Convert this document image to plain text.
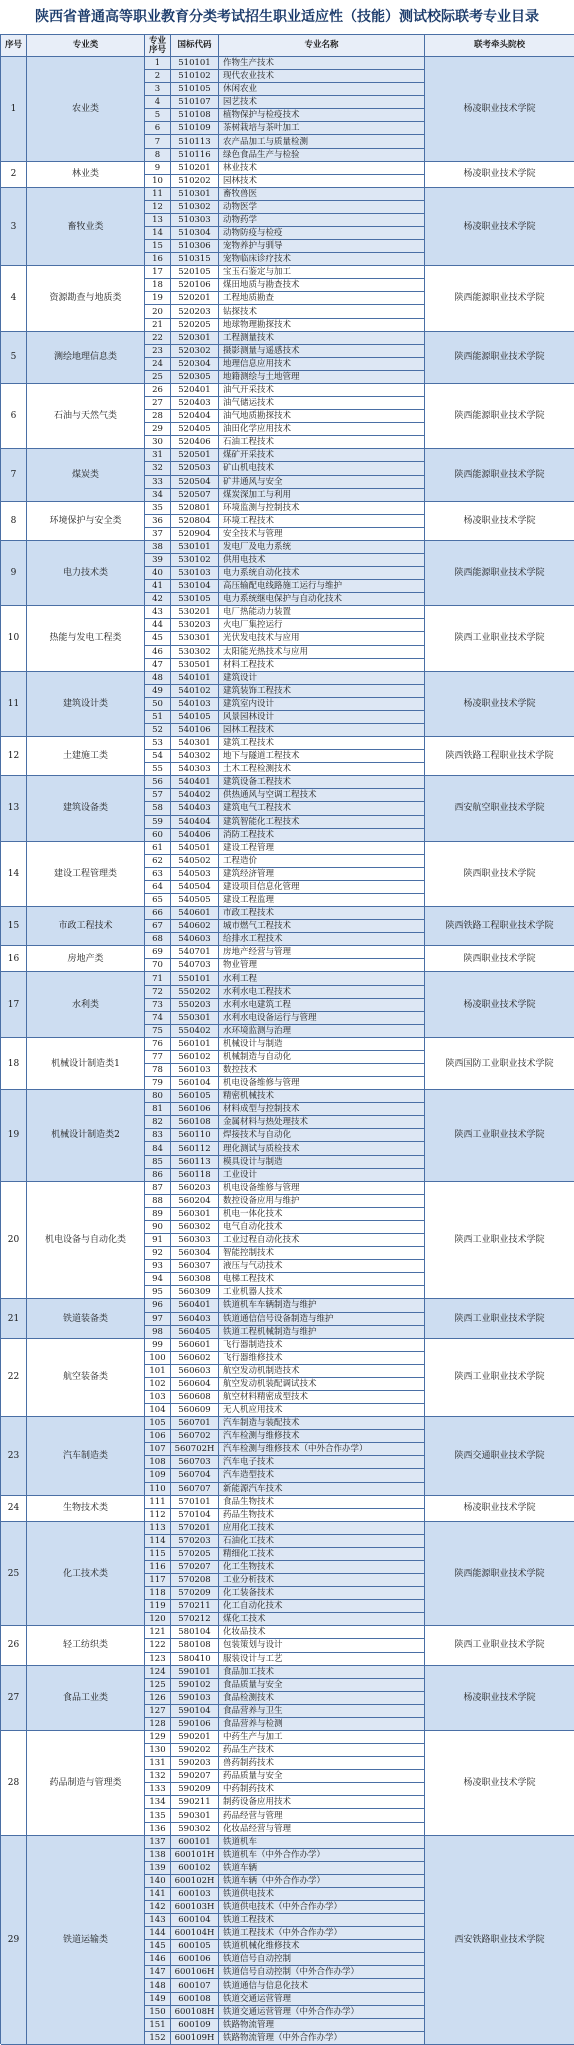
陕西省普通高等职业教育分类考试招生职业适应性（技能）测试校际联考专业目录
序号	专业类	专业序号	国标代码	专业名称	联考牵头院校
1	农业类	杨凌职业技术学院
1	510101	作物生产技术
2	510102	现代农业技术
3	510105	休闲农业
4	510107	园艺技术
5	510108	植物保护与检疫技术
6	510109	茶树栽培与茶叶加工
7	510113	农产品加工与质量检测
8	510116	绿色食品生产与检验
2	林业类	杨凌职业技术学院
9	510201	林业技术
10	510202	园林技术
3	畜牧业类	杨凌职业技术学院
11	510301	畜牧兽医
12	510302	动物医学
13	510303	动物药学
14	510304	动物防疫与检疫
15	510306	宠物养护与驯导
16	510315	宠物临床诊疗技术
4	资源勘查与地质类	陕西能源职业技术学院
17	520105	宝玉石鉴定与加工
18	520106	煤田地质与勘查技术
19	520201	工程地质勘查
20	520203	钻探技术
21	520205	地球物理勘探技术
5	测绘地理信息类	陕西能源职业技术学院
22	520301	工程测量技术
23	520302	摄影测量与遥感技术
24	520304	地理信息应用技术
25	520305	地籍测绘与土地管理
6	石油与天然气类	陕西能源职业技术学院
26	520401	油气开采技术
27	520403	油气储运技术
28	520404	油气地质勘探技术
29	520405	油田化学应用技术
30	520406	石油工程技术
7	煤炭类	陕西能源职业技术学院
31	520501	煤矿开采技术
32	520503	矿山机电技术
33	520504	矿井通风与安全
34	520507	煤炭深加工与利用
8	环境保护与安全类	杨凌职业技术学院
35	520801	环境监测与控制技术
36	520804	环境工程技术
37	520904	安全技术与管理
9	电力技术类	陕西能源职业技术学院
38	530101	发电厂及电力系统
39	530102	供用电技术
40	530103	电力系统自动化技术
41	530104	高压输配电线路施工运行与维护
42	530105	电力系统继电保护与自动化技术
10	热能与发电工程类	陕西工业职业技术学院
43	530201	电厂热能动力装置
44	530203	火电厂集控运行
45	530301	光伏发电技术与应用
46	530302	太阳能光热技术与应用
47	530501	材料工程技术
11	建筑设计类	杨凌职业技术学院
48	540101	建筑设计
49	540102	建筑装饰工程技术
50	540103	建筑室内设计
51	540105	风景园林设计
52	540106	园林工程技术
12	土建施工类	陕西铁路工程职业技术学院
53	540301	建筑工程技术
54	540302	地下与隧道工程技术
55	540303	土木工程检测技术
13	建筑设备类	西安航空职业技术学院
56	540401	建筑设备工程技术
57	540402	供热通风与空调工程技术
58	540403	建筑电气工程技术
59	540404	建筑智能化工程技术
60	540406	消防工程技术
14	建设工程管理类	陕西职业技术学院
61	540501	建设工程管理
62	540502	工程造价
63	540503	建筑经济管理
64	540504	建设项目信息化管理
65	540505	建设工程监理
15	市政工程技术	陕西铁路工程职业技术学院
66	540601	市政工程技术
67	540602	城市燃气工程技术
68	540603	给排水工程技术
16	房地产类	陕西职业技术学院
69	540701	房地产经营与管理
70	540703	物业管理
17	水利类	杨凌职业技术学院
71	550101	水利工程
72	550202	水利水电工程技术
73	550203	水利水电建筑工程
74	550301	水利水电设备运行与管理
75	550402	水环境监测与治理
18	机械设计制造类1	陕西国防工业职业技术学院
76	560101	机械设计与制造
77	560102	机械制造与自动化
78	560103	数控技术
79	560104	机电设备维修与管理
19	机械设计制造类2	陕西工业职业技术学院
80	560105	精密机械技术
81	560106	材料成型与控制技术
82	560108	金属材料与热处理技术
83	560110	焊接技术与自动化
84	560112	理化测试与质检技术
85	560113	模具设计与制造
86	560118	工业设计
20	机电设备与自动化类	陕西工业职业技术学院
87	560203	机电设备维修与管理
88	560204	数控设备应用与维护
89	560301	机电一体化技术
90	560302	电气自动化技术
91	560303	工业过程自动化技术
92	560304	智能控制技术
93	560307	液压与气动技术
94	560308	电梯工程技术
95	560309	工业机器人技术
21	铁道装备类	陕西工业职业技术学院
96	560401	铁道机车车辆制造与维护
97	560403	铁道通信信号设备制造与维护
98	560405	铁道工程机械制造与维护
22	航空装备类	陕西工业职业技术学院
99	560601	飞行器制造技术
100	560602	飞行器维修技术
101	560603	航空发动机制造技术
102	560604	航空发动机装配调试技术
103	560608	航空材料精密成型技术
104	560609	无人机应用技术
23	汽车制造类	陕西交通职业技术学院
105	560701	汽车制造与装配技术
106	560702	汽车检测与维修技术
107	560702H	汽车检测与维修技术（中外合作办学）
108	560703	汽车电子技术
109	560704	汽车造型技术
110	560707	新能源汽车技术
24	生物技术类	杨凌职业技术学院
111	570101	食品生物技术
112	570104	药品生物技术
25	化工技术类	陕西能源职业技术学院
113	570201	应用化工技术
114	570203	石油化工技术
115	570205	精细化工技术
116	570207	化工生物技术
117	570208	工业分析技术
118	570209	化工装备技术
119	570211	化工自动化技术
120	570212	煤化工技术
26	轻工纺织类	陕西工业职业技术学院
121	580104	化妆品技术
122	580108	包装策划与设计
123	580410	服装设计与工艺
27	食品工业类	杨凌职业技术学院
124	590101	食品加工技术
125	590102	食品质量与安全
126	590103	食品检测技术
127	590104	食品营养与卫生
128	590106	食品营养与检测
28	药品制造与管理类	杨凌职业技术学院
129	590201	中药生产与加工
130	590202	药品生产技术
131	590203	兽药制药技术
132	590207	药品质量与安全
133	590209	中药制药技术
134	590211	制药设备应用技术
135	590301	药品经营与管理
136	590302	化妆品经营与管理
29	铁道运输类	西安铁路职业技术学院
137	600101	铁道机车
138	600101H	铁道机车（中外合作办学）
139	600102	铁道车辆
140	600102H	铁道车辆（中外合作办学）
141	600103	铁道供电技术
142	600103H	铁道供电技术（中外合作办学）
143	600104	铁道工程技术
144	600104H	铁道工程技术（中外合作办学）
145	600105	铁道机械化维修技术
146	600106	铁道信号自动控制
147	600106H	铁道信号自动控制（中外合作办学）
148	600107	铁道通信与信息化技术
149	600108	铁道交通运营管理
150	600108H	铁道交通运营管理（中外合作办学）
151	600109	铁路物流管理
152	600109H	铁路物流管理（中外合作办学）
